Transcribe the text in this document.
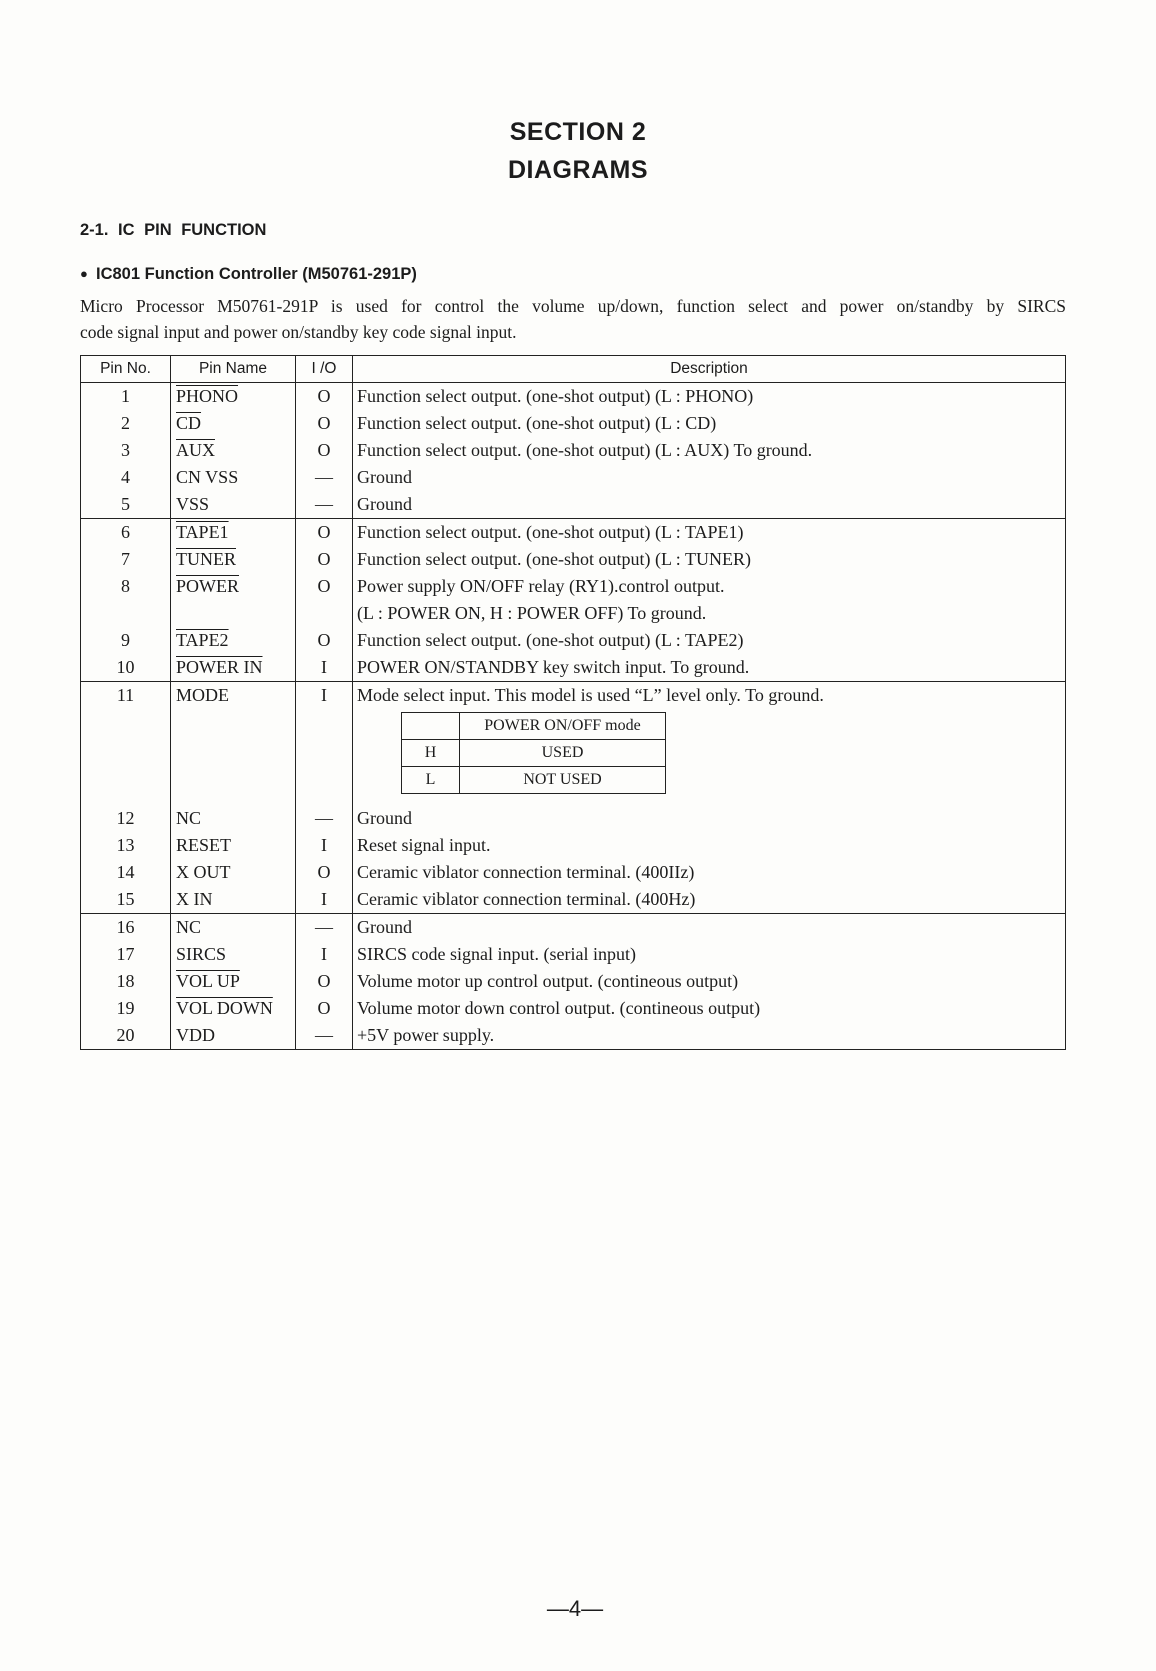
SECTION 2
DIAGRAMS
2-1. IC PIN FUNCTION
● IC801 Function Controller (M50761-291P)
Micro Processor M50761-291P is used for control the volume up/down, function select and power on/standby by SIRCS
code signal input and power on/standby key code signal input.
Pin No.	Pin Name	I /O	Description
1	PHONO	O	Function select output. (one-shot output) (L : PHONO)
2	$\overline{CD}$	O	Function select output. (one-shot output) (L : CD)
3	$\overline{AUX}$	O	Function select output. (one-shot output) (L : AUX) To ground.
4	CN VSS	—	Ground
5	VSS	—	Ground
6	TAPE1	O	Function select output. (one-shot output) (L : TAPE1)
7	TUNER	O	Function select output. (one-shot output) (L : TUNER)
8	POWER	O	Power supply ON/OFF relay (RY1).control output.
(L : POWER ON, H : POWER OFF) To ground.
9	TAPE2	O	Function select output. (one-shot output) (L : TAPE2)
10	POWER IN	I	POWER ON/STANDBY key switch input. To ground.
11	MODE	I	Mode select input. This model is used “L” level only. To ground.
	POWER ON/OFF mode
H	USED
L	NOT USED

12	NC	—	Ground
13	RESET	I	Reset signal input.
14	X OUT	O	Ceramic viblator connection terminal. (400IIz)
15	X IN	I	Ceramic viblator connection terminal. (400Hz)
16	NC	—	Ground
17	SIRCS	I	SIRCS code signal input. (serial input)
18	VOL UP	O	Volume motor up control output. (contineous output)
19	VOL DOWN	O	Volume motor down control output. (contineous output)
20	VDD	—	+5V power supply.
—4—
